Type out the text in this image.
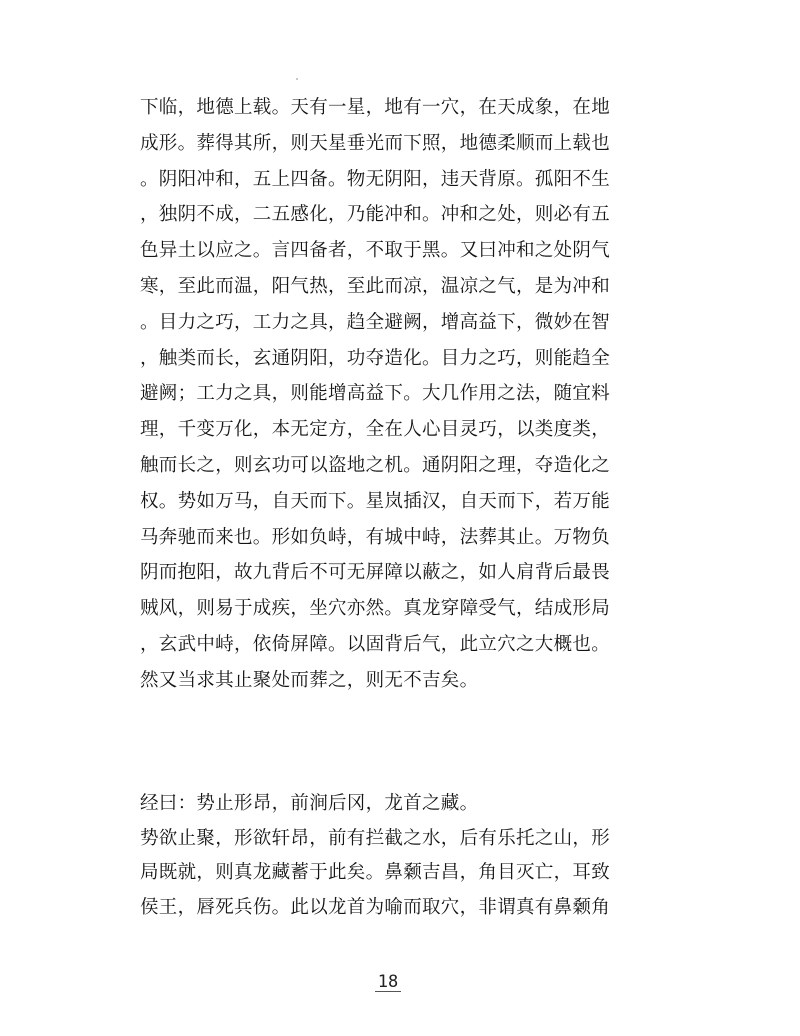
下临，地德上载。天有一星，地有一穴，在天成象，在地
成形。葬得其所，则天星垂光而下照，地德柔顺而上载也
。阴阳冲和，五上四备。物无阴阳，违天背原。孤阳不生
，独阴不成，二五感化，乃能冲和。冲和之处，则必有五
色异土以应之。言四备者，不取于黑。又曰冲和之处阴气
寒，至此而温，阳气热，至此而凉，温凉之气，是为冲和
。目力之巧，工力之具，趋全避阙，增高益下，微妙在智
，触类而长，玄通阴阳，功夺造化。目力之巧，则能趋全
避阙；工力之具，则能增高益下。大几作用之法，随宜料
理，千变万化，本无定方，全在人心目灵巧，以类度类，
触而长之，则玄功可以盗地之机。通阴阳之理，夺造化之
权。势如万马，自天而下。星岚插汉，自天而下，若万能
马奔驰而来也。形如负峙，有城中峙，法葬其止。万物负
阴而抱阳，故九背后不可无屏障以蔽之，如人肩背后最畏
贼风，则易于成疾，坐穴亦然。真龙穿障受气，结成形局
，玄武中峙，依倚屏障。以固背后气，此立穴之大概也。
然又当求其止聚处而葬之，则无不吉矣。
经曰：势止形昂，前涧后冈，龙首之藏。
势欲止聚，形欲轩昂，前有拦截之水，后有乐托之山，形
局既就，则真龙藏蓄于此矣。鼻颡吉昌，角目灭亡，耳致
侯王，唇死兵伤。此以龙首为喻而取穴，非谓真有鼻颡角
18
